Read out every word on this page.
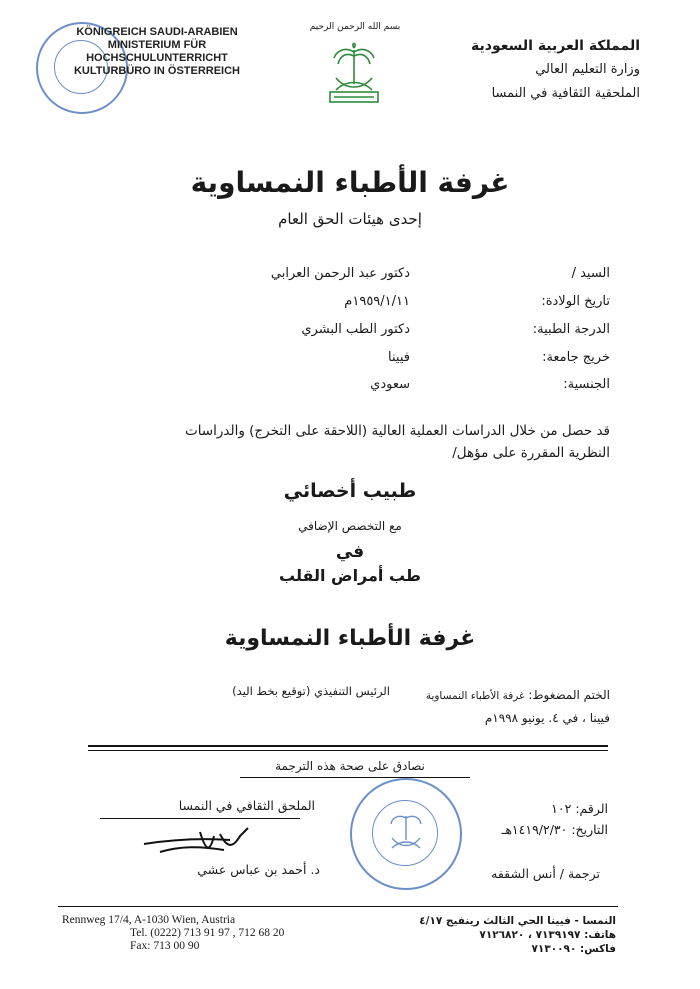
KÖNIGREICH SAUDI-ARABIEN
MINISTERIUM FÜR
HOCHSCHULUNTERRICHT
KULTURBÜRO IN ÖSTERREICH
بسم الله الرحمن الرحيم
المملكة العربية السعودية
وزارة التعليم العالي
الملحقية الثقافية في النمسا
غرفة الأطباء النمساوية
إحدى هيئات الحق العام
السيد /
دكتور عبد الرحمن العرابي
تاريخ الولادة:
١٩٥٩/١/١١م
الدرجة الطبية:
دكتور الطب البشري
خريج جامعة:
فيينا
الجنسية:
سعودي
قد حصل من خلال الدراسات العملية العالية (اللاحقة على التخرج) والدراسات
النظرية المقررة على مؤهل/
طبيب أخصائي
مع التخصص الإضافي
في
طب أمراض القلب
غرفة الأطباء النمساوية
الختم المضغوط: غرفة الأطباء النمساوية
فيينا ، في ٤. يونيو ١٩٩٨م
الرئيس التنفيذي (توقيع بخط اليد)
نصادق على صحة هذه الترجمة
الرقم: ١٠٢
التاريخ: ١٤١٩/٢/٣٠هـ
الملحق الثقافي في النمسا
د. أحمد بن عباس عشي	ترجمة / أنس الشقفه
Rennweg 17/4, A-1030 Wien, Austria
Tel. (0222) 713 91 97 , 712 68 20
Fax: 713 00 90
النمسا - فيينا الحي الثالث رينفيج ٤/١٧
هاتف: ٧١٣٩١٩٧ ، ٧١٢٦٨٢٠
فاكس: ٧١٣٠٠٩٠
